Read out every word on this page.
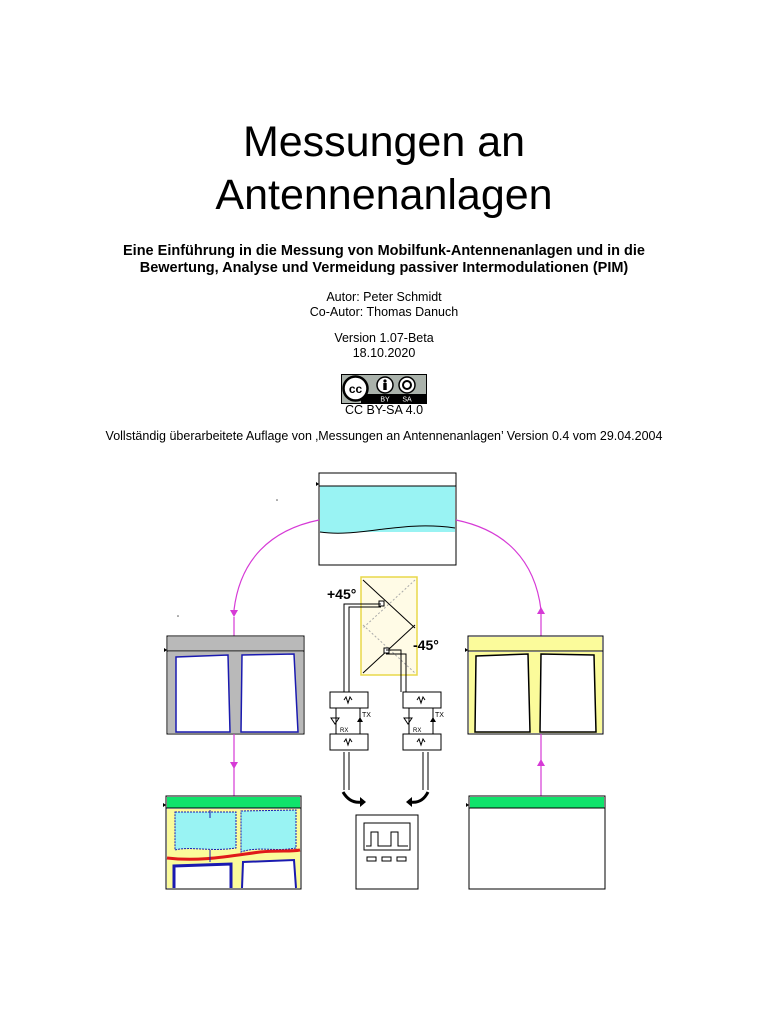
Messungen an
Antennenanlagen
Eine Einführung in die Messung von Mobilfunk-Antennenanlagen und in die
Bewertung, Analyse und Vermeidung passiver Intermodulationen (PIM)
Autor: Peter Schmidt
Co-Autor: Thomas Danuch
Version 1.07-Beta
18.10.2020
cc
BY SA
CC BY-SA 4.0
Vollständig überarbeitete Auflage von ‚Messungen an Antennenanlagen’ Version 0.4 vom 29.04.2004
+45°
-45°
TX
RX
TX
RX
